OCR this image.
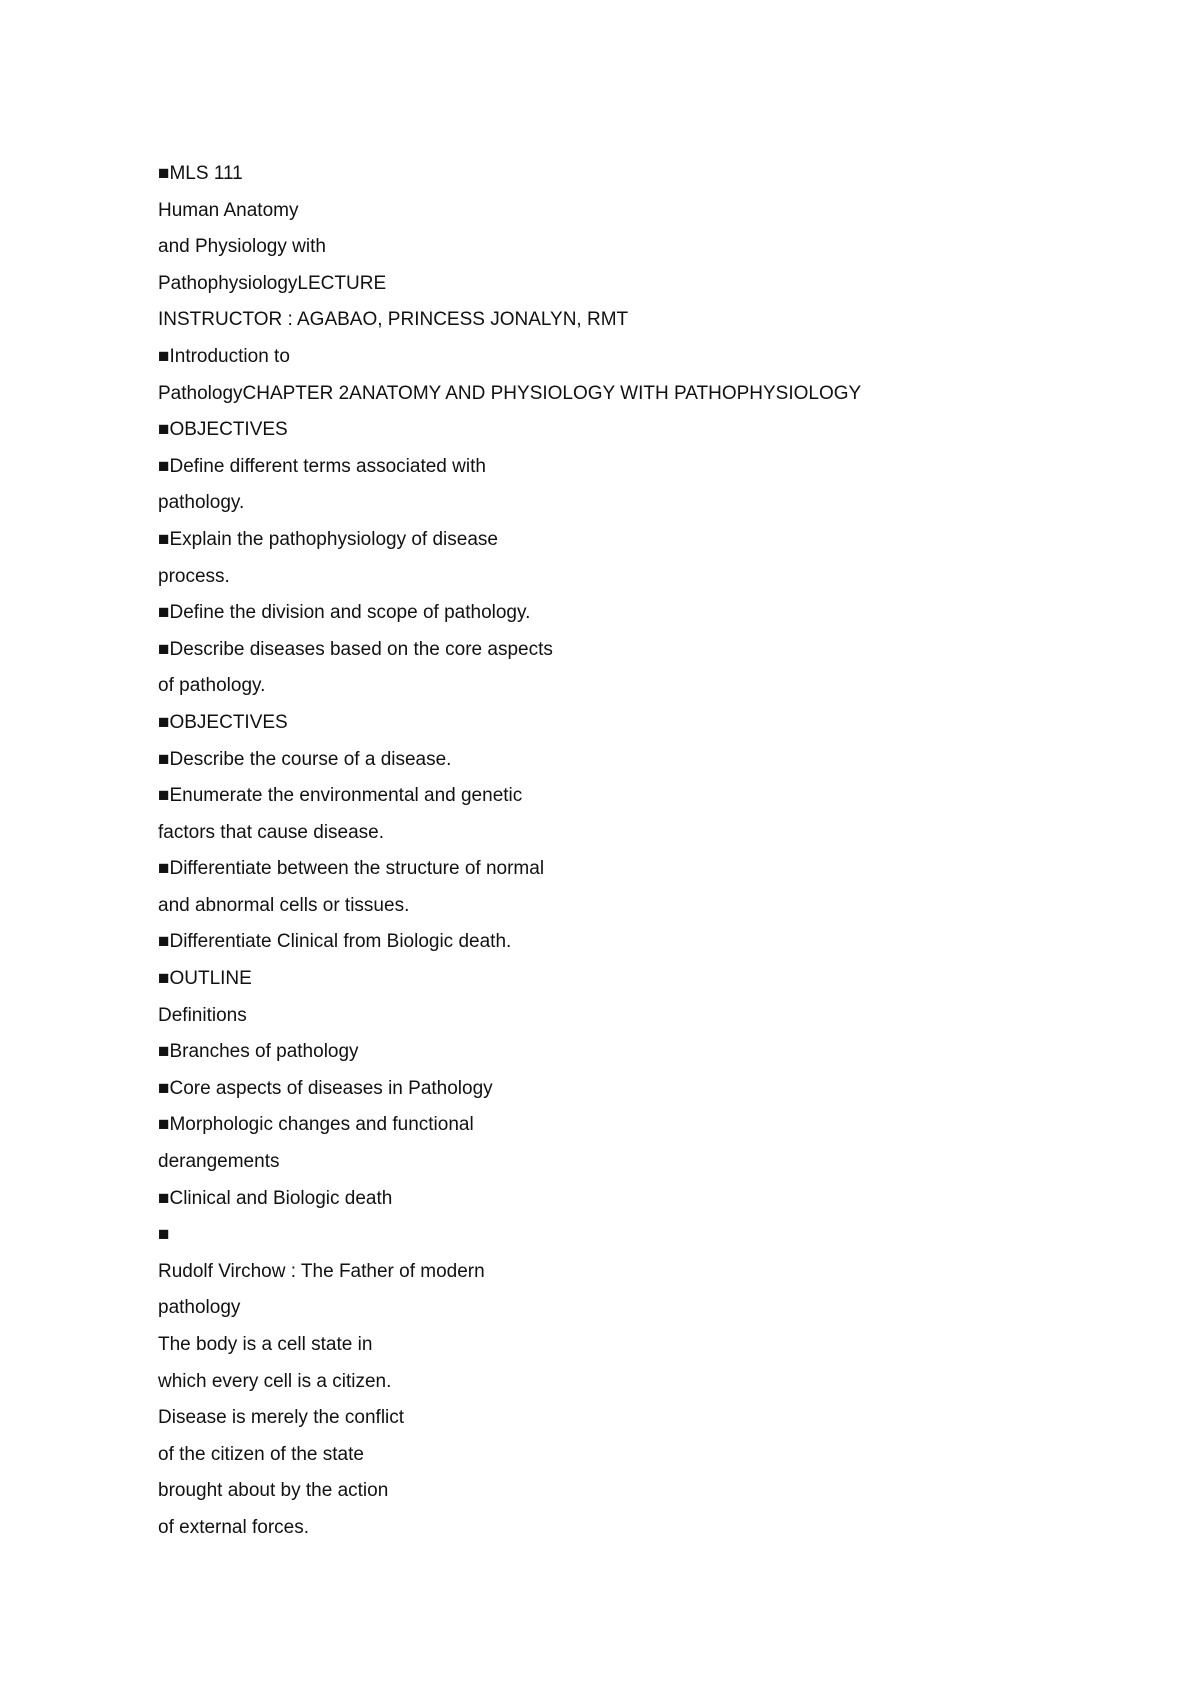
■MLS 111
Human Anatomy
and Physiology with
PathophysiologyLECTURE
INSTRUCTOR : AGABAO, PRINCESS JONALYN, RMT
■Introduction to
PathologyCHAPTER 2ANATOMY AND PHYSIOLOGY WITH PATHOPHYSIOLOGY
■OBJECTIVES
■Define different terms associated with
pathology.
■Explain the pathophysiology of disease
process.
■Define the division and scope of pathology.
■Describe diseases based on the core aspects
of pathology.
■OBJECTIVES
■Describe the course of a disease.
■Enumerate the environmental and genetic
factors that cause disease.
■Differentiate between the structure of normal
and abnormal cells or tissues.
■Differentiate Clinical from Biologic death.
■OUTLINE
Definitions
■Branches of pathology
■Core aspects of diseases in Pathology
■Morphologic changes and functional
derangements
■Clinical and Biologic death
■
Rudolf Virchow : The Father of modern
pathology
The body is a cell state in
which every cell is a citizen.
Disease is merely the conflict
of the citizen of the state
brought about by the action
of external forces.
